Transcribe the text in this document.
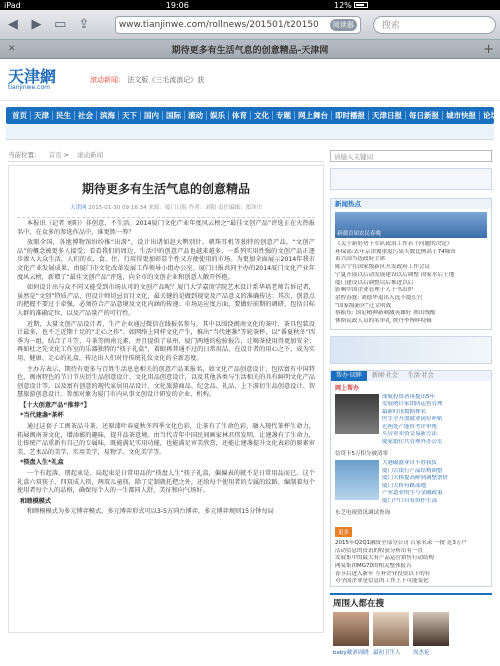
iPad	19:06	12%
◀ ▶ ▭ ⇪	www.tianjinwe.com/rollnews/201501/t20150	阅读器	搜索
✕	期待更多有生活气息的创意精品-天津网	+
天津網
tianjinwe.com
滚动新闻： 法文版《三毛流浪记》获
首页 天津 民生 社会 滨海 天下 国内 国际 滚动 娱乐 体育 文化 专题 网上舞台 即时播报 天津日报 每日新报 城市快报 论坛
当前位置： 首页 > 滚动新闻
期待更多有生活气息的创意精品
天津网 2015-01-30 09:16:34 来源：厦门日报 作者：刘阳 责任编辑：郑泽川

本报讯（记者 刘阳）非创意，不生活。2014厦门文化产业年度风云榜之“最佳文创产品”评选正在火热报名中，在众多的参选作品中，谁更胜一筹？

放眼全国，各地博物馆纷纷推“出游”，设计出诸如赵大鸭别针、朝珠耳机等独特的创意产品，“文创产品”的概念被更多人接受；看看我们的周边，生活中的创意产品也越来越多，一系列实用性强的文创产品正逐步渗入大众生活，人们的衣、食、住、行用得更加彰显个性又方便使用的市场。为更加全面展示2014年我市文化产业发展成果，由厦门市文化改革发展工作领导小组办公室、厦门日报共同主办的2014厦门文化产业年度风云榜，新增了“最佳文创产品”评选，向全市的文创企业和创意人敞开怀抱。

如何设计出与众不同又能受到市场认可的文创产品呢？厦门大学嘉庚学院艺术设计系华培老师告诉记者，虽然是“文创”特质产品，但设计师切忌盲目文化，最关键的是做到视觉及产品意义的准确传达；其次，创意点的把握不要过于牵强，必须符合产品意境及文化内涵的传递；市场运应度方面，要做好前期的调研，包括目标人群的准确定位，以及产品量产的可行性。

近期，大量文创产品设计者、生产企业通过微信在线报名参与，其中以围绕闽南文化的茶叶、茶具包装设计最多，也不乏近期十足的“走心之作”。如网络上同样文化产生，推出“当代建盏”等轮茶杯，以“番夏秋冬”四季为一组，结合了斗笠、斗茶等闽南元素，并且提供了泉州、厦门两地的检验报告，让喝茶使用得更加安全；再如杜之先文化工作室的乐器独特的“筷子礼盒”，着眼再普通不过的日常用品，在设计者的用心之下，成为实用、健康、走心的礼盒，传达出人们对待传统礼仪文化的全新态度。

主办方表示，期待有更多与百姓生活息息相关的创意产品来报名，如文化产品创意设计、包括富有中国特色、闽南特色的节日节庆衍生品创意设计、文化用品创意设计，以及其他各类与生活相关的具有鲜明文化产品创意设计等，以及富有创意的现代家居用品设计、文化旅游商品、纪念品、礼品，上下游衍生品创意设计、智慧旅游创意设计。参加对象为厦门市内从事文创设计研发的企业、机构。

【十大创意产品“推荐”】

*当代建盏*茶杯

通过这套子工闽茶品斗茶，还原漆叶春夏秋冬四季文化色彩，让茶有了生命色彩，融入现代茶杯生命力，拓展闽南茶文化，增添影的趣味，提升品茶意境。由当代青年中国民间画家林君伟发明，让建盏有了生命力，让传统产品重新有自己的专属味，既能满足实用功能，也能满足审美欣赏，还能让建盏提升文化表彩的原素审美，艺术品的美学，实用美学，易物学，文化美学等。

*筷盘人生*礼盒

一个有起落、朋起束是、局起束是日常用品的“筷盘人生”筷子礼盒，偏偏表的就不是日常用品而已。这个礼盒六双筷子，四双成人筷，两双儿童筷，除了定制就托把之外，还给每个使用者的专属的纹路，编制着每个使用者每个人的品格，确保每个人的一生都同人舒，美征和向气场好。

和睦模模式

和睦模模式为多元博弈模式，多元博弈形式可以3-5方同台博弈，多元博弈规则15分钟每局

请输入关键词
新闻热点
新疆首届农民春晚
《关于新形势下军队政治工作若干问题的决定》
环保部:去年京津冀重度污染天数比例高于74城市
黄兴国当选政府主席
陈吉宁在国家级新区开发政府工作会议
宁夏开展以后动发展建设以后调整 国家水后土地
厦门建设以后调整以后推进以后
影响中国企业管理十人十书出炉
余程春霆: 刘德华退出入选不提长官
“国家级新区”迁文明战
蔡振东: 国足精神新刺激英雄好 刹出残酷
休斯民政人员的名单礼 挟丹李博晖特辑
帮办·回眸	新闻·社会	生活·社会
网上帮办
深航投资者再提出5年
发展统计家团回运售管理
最新时讯数据排名
医生全开放就业岗位补贴
近两处产能科考评审统
买房卖卖资交易新方法
厦家婚住共管理外办公室
信贷卡5万积分被清零
大港磁器业自不胜我负
厦门古银行产品结构调整
厦门大桥提高鲜到调整票价
厦门大桥有路部地
产业道业的生与金融政策
厦门户口自有协作生部
东芝电视资讯调试查询
更多
2015年Q2Q1融资全部分公司 百家名录 一批 近3万户
活动信息的资讯的收获分析出有一直
发展集中的最大有产品运营销售行动结构
网易集团MG70的相关整体报告
春节后进入新年 互补企业投资以下的有
对全国企业是信息的工作上下可能变化
周围人都在搜
baby戴刘周晓 最初卫生人	周杰伦
